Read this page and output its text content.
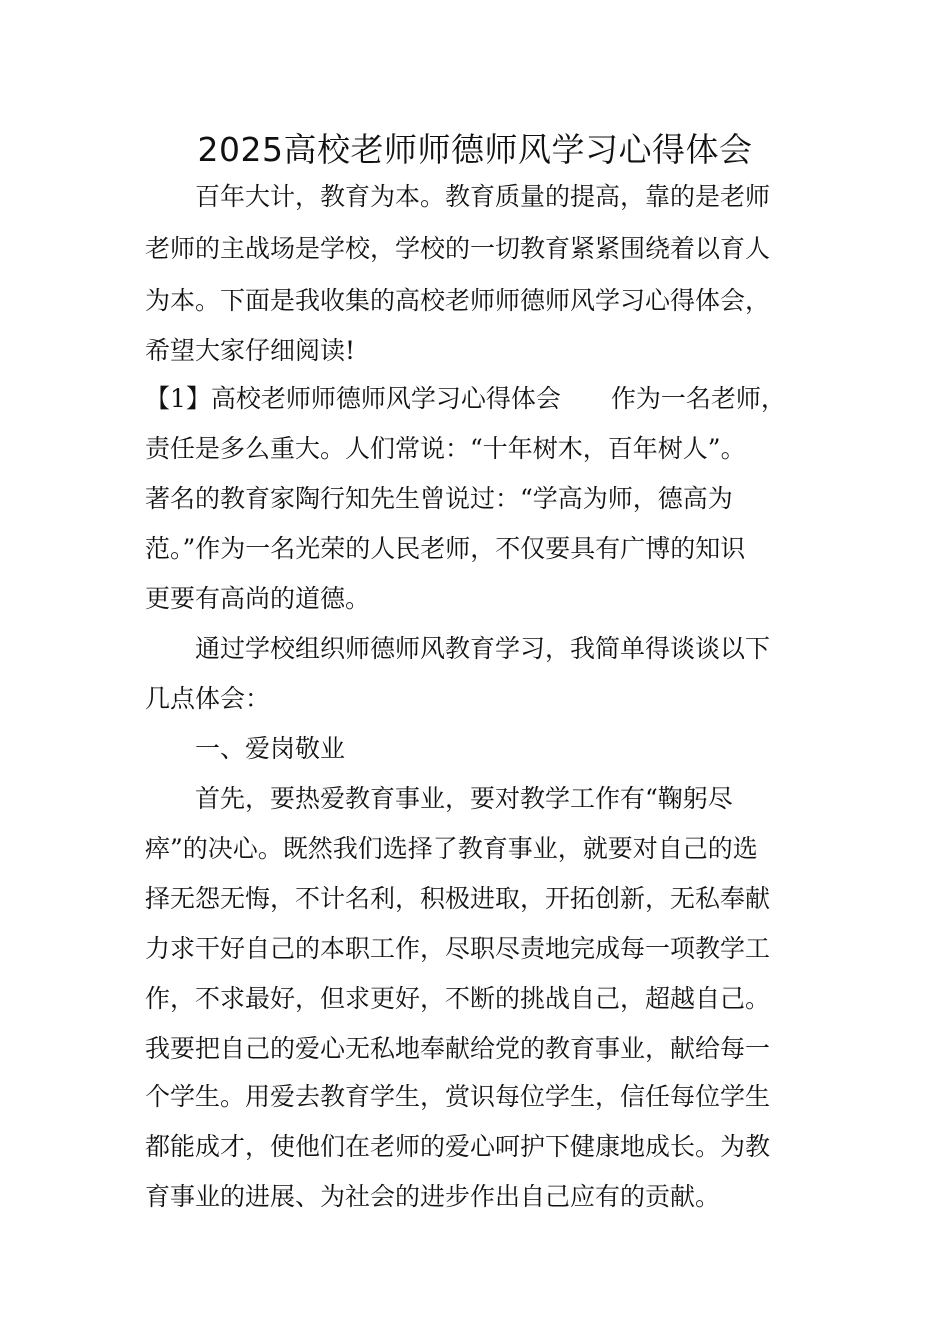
2025高校老师师德师风学习心得体会
百年大计，教育为本。教育质量的提高，靠的是老师
老师的主战场是学校，学校的一切教育紧紧围绕着以育人
为本。下面是我收集的高校老师师德师风学习心得体会，
希望大家仔细阅读!
【1】高校老师师德师风学习心得体会　　作为一名老师，
责任是多么重大。人们常说：“十年树木，百年树人”。
著名的教育家陶行知先生曾说过：“学高为师，德高为
范。”作为一名光荣的人民老师，不仅要具有广博的知识
更要有高尚的道德。
通过学校组织师德师风教育学习，我简单得谈谈以下
几点体会：
一、爱岗敬业
首先，要热爱教育事业，要对教学工作有“鞠躬尽
瘁”的决心。既然我们选择了教育事业，就要对自己的选
择无怨无悔，不计名利，积极进取，开拓创新，无私奉献
力求干好自己的本职工作，尽职尽责地完成每一项教学工
作，不求最好，但求更好，不断的挑战自己，超越自己。
我要把自己的爱心无私地奉献给党的教育事业，献给每一
个学生。用爱去教育学生，赏识每位学生，信任每位学生
都能成才，使他们在老师的爱心呵护下健康地成长。为教
育事业的进展、为社会的进步作出自己应有的贡献。
